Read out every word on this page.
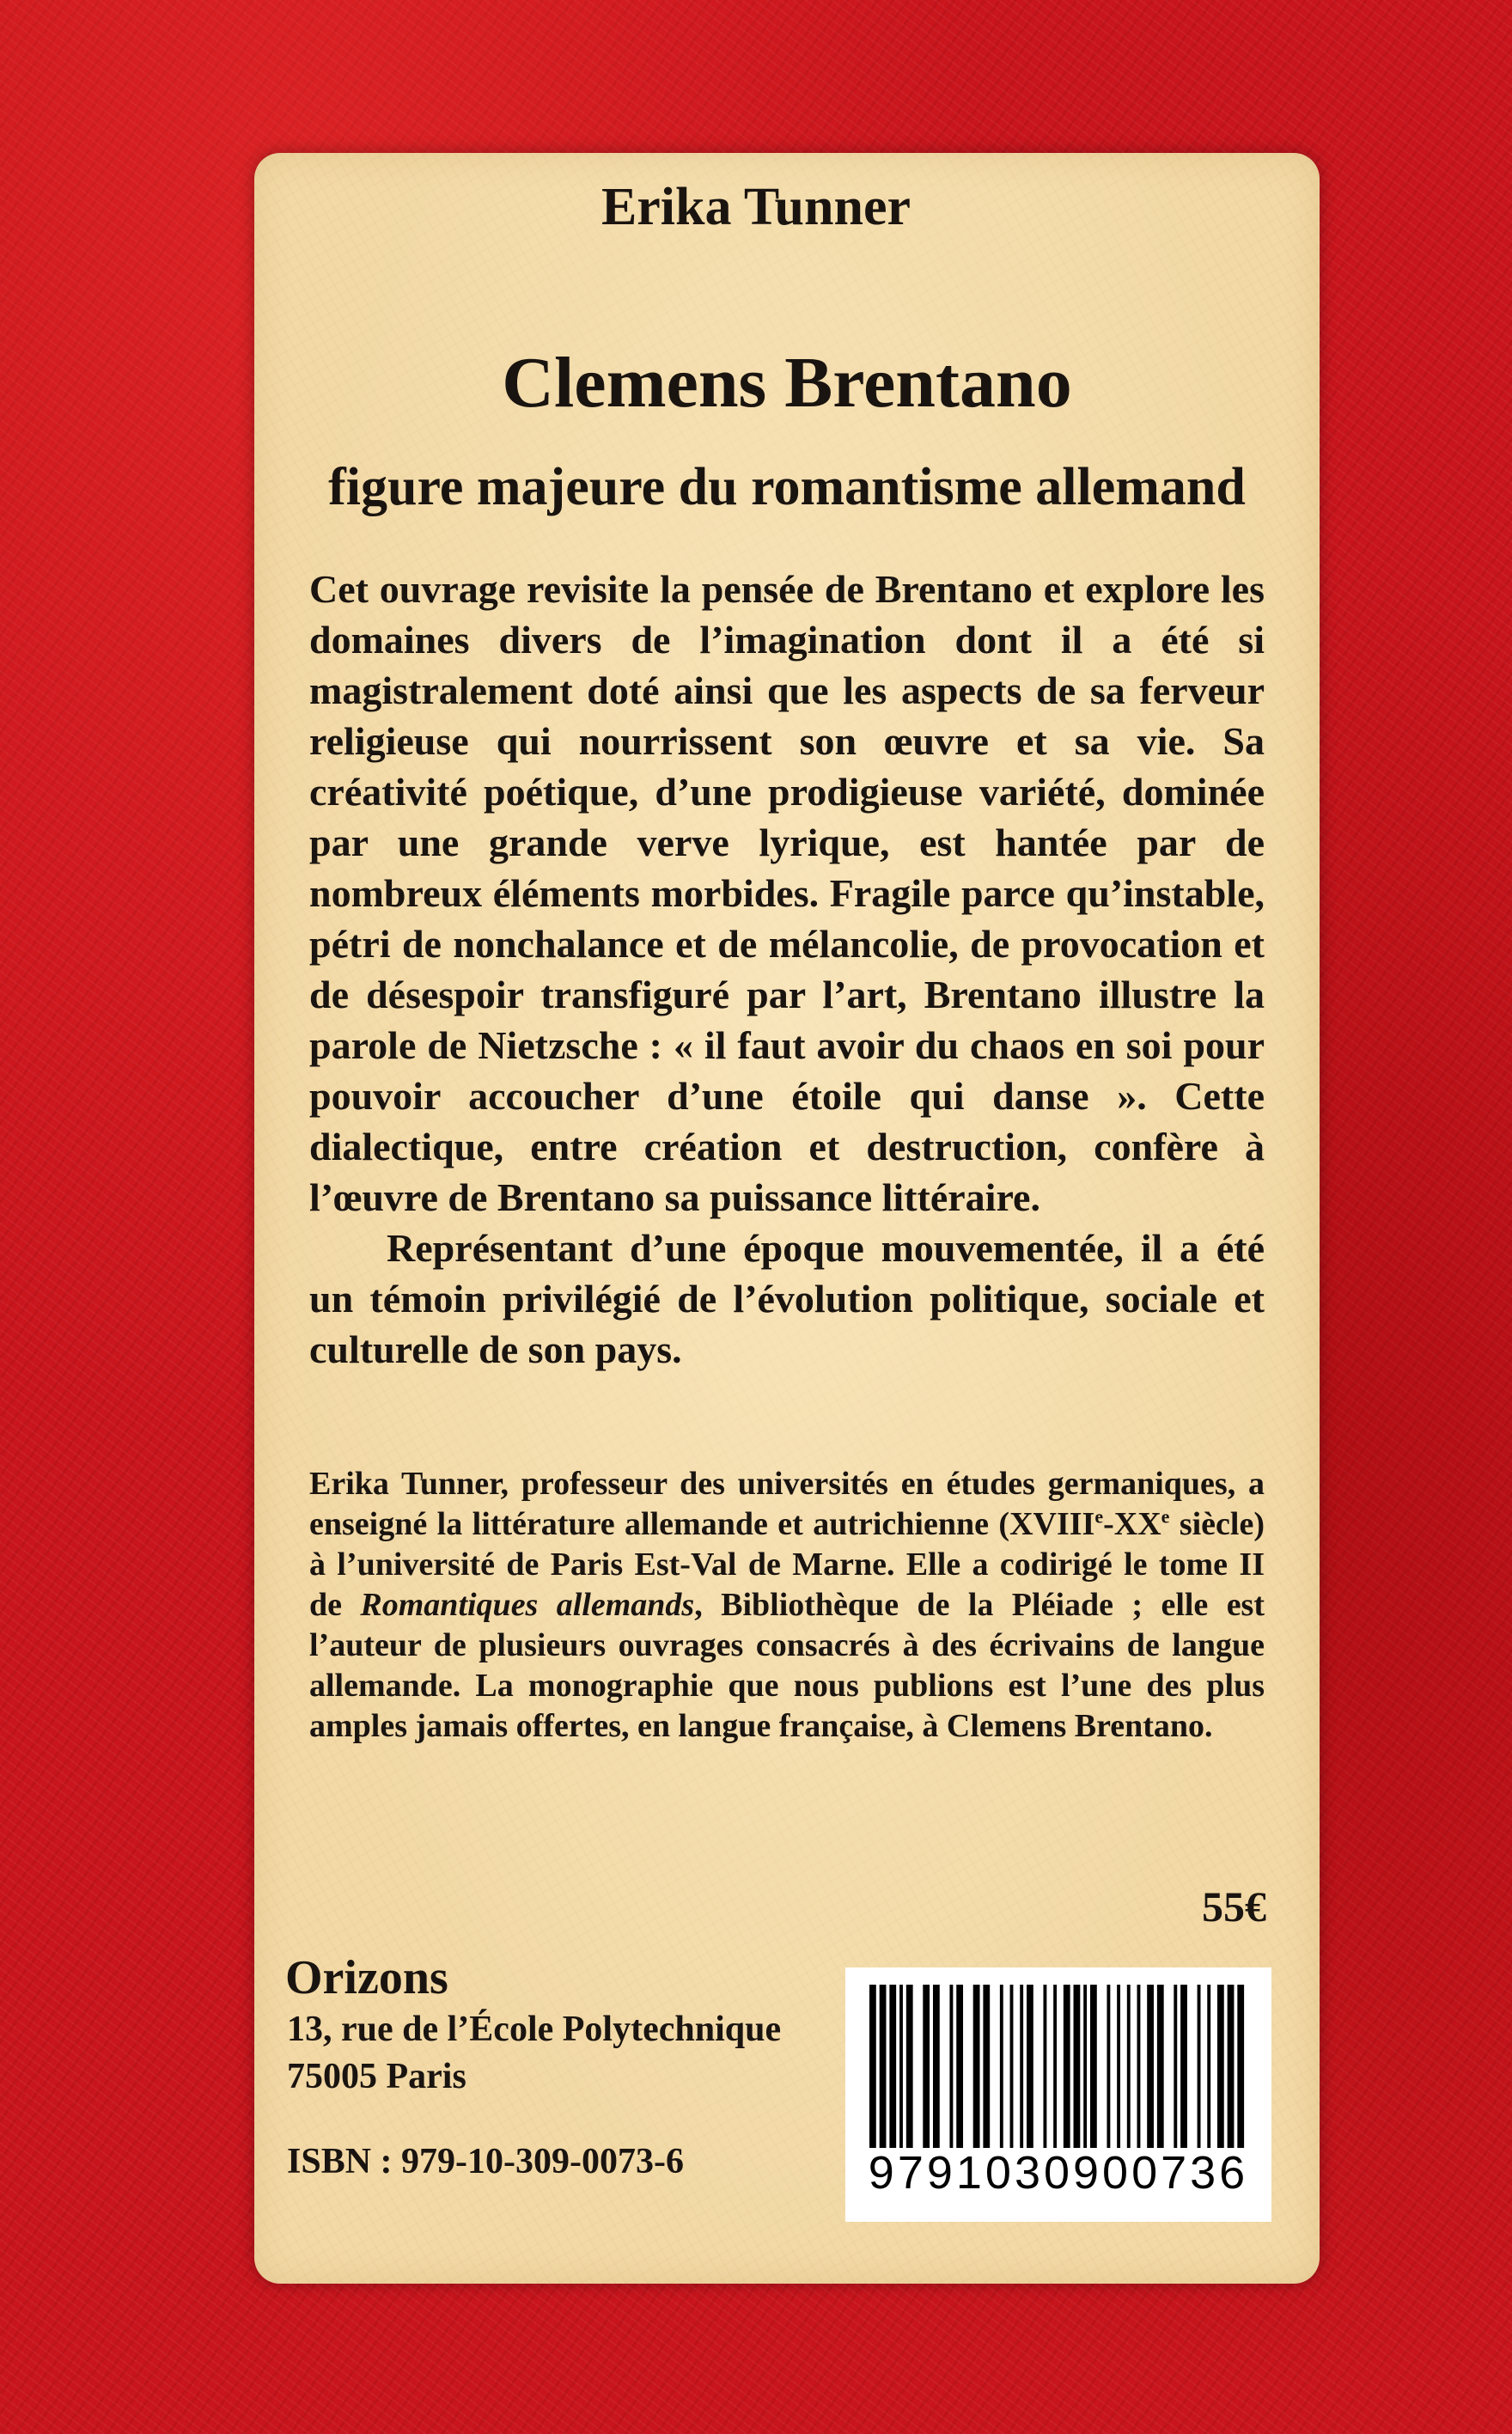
Erika Tunner
Clemens Brentano
figure majeure du romantisme allemand

Cet ouvrage revisite la pensée de Brentano et explore les domaines divers de l’imagination dont il a été si magistralement doté ainsi que les aspects de sa ferveur religieuse qui nourrissent son œuvre et sa vie. Sa créativité poétique, d’une prodigieuse variété, dominée par une grande verve lyrique, est hantée par de nombreux éléments morbides. Fragile parce qu’instable, pétri de nonchalance et de mélancolie, de provocation et de désespoir transfiguré par l’art, Brentano illustre la parole de Nietzsche : « il faut avoir du chaos en soi pour pouvoir accoucher d’une étoile qui danse ». Cette dialectique, entre création et destruction, confère à l’œuvre de Brentano sa puissance littéraire.

Représentant d’une époque mouvementée, il a été un témoin privilégié de l’évolution politique, sociale et culturelle de son pays.

Erika Tunner, professeur des universités en études germaniques, a enseigné la littérature allemande et autrichienne (XVIIIe-XXe siècle) à l’université de Paris Est-Val de Marne. Elle a codirigé le tome II de Romantiques allemands, Bibliothèque de la Pléiade ; elle est l’auteur de plusieurs ouvrages consacrés à des écrivains de langue allemande. La monographie que nous publions est l’une des plus amples jamais offertes, en langue française, à Clemens Brentano.
55€
Orizons
13, rue de l’École Polytechnique
75005 Paris
ISBN : 979-10-309-0073-6	9791030900736
